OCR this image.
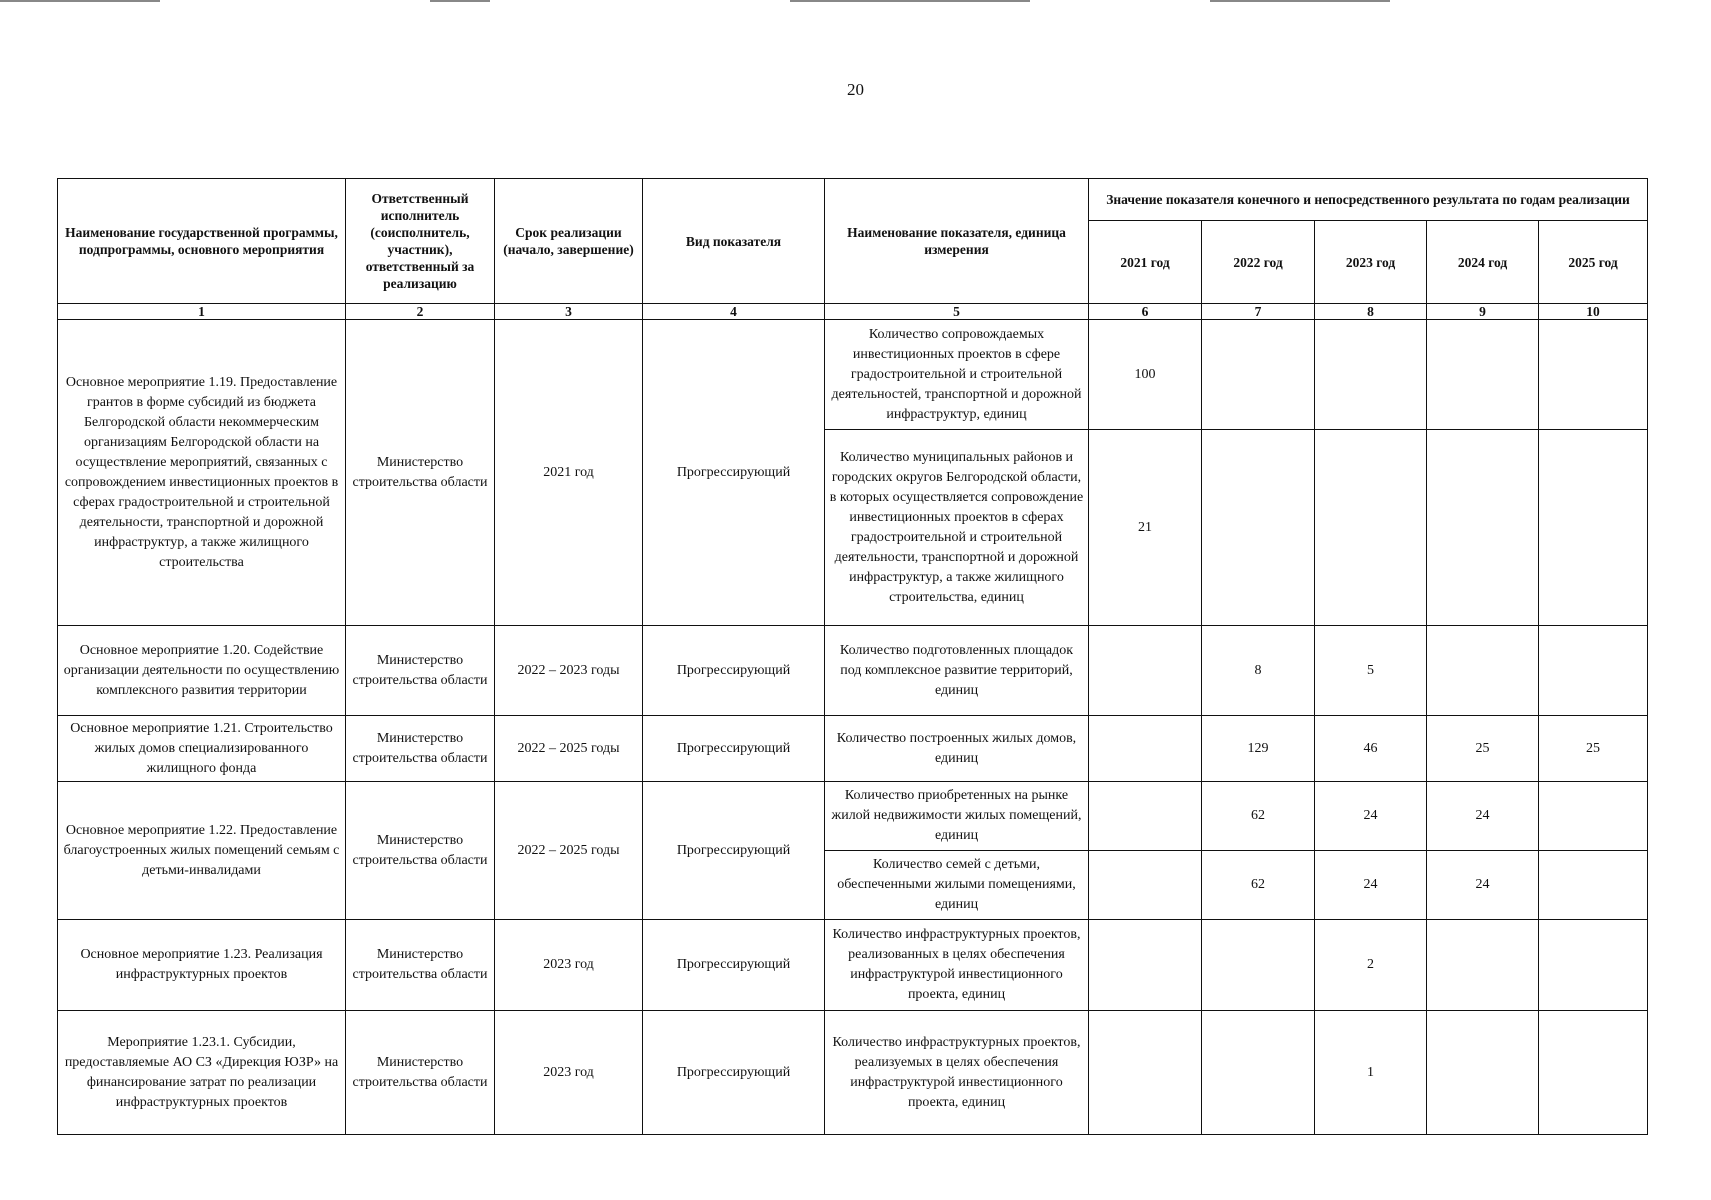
20
Наименование государственной программы, подпрограммы, основного мероприятия	Ответственный исполнитель (соисполнитель, участник), ответственный за реализацию	Срок реализации (начало, завершение)	Вид показателя	Наименование показателя, единица измерения	Значение показателя конечного и непосредственного результата по годам реализации				
					2021 год	2022 год	2023 год	2024 год	2025 год
1	2	3	4	5	6	7	8	9	10
Основное мероприятие 1.19. Предоставление грантов в форме субсидий из бюджета Белгородской области некоммерческим организациям Белгородской области на осуществление мероприятий, связанных с сопровождением инвестиционных проектов в сферах градостроительной и строительной деятельности, транспортной и дорожной инфраструктур, а также жилищного строительства	Министерство строительства области	2021 год	Прогрессирующий	Количество сопровождаемых инвестиционных проектов в сфере градостроительной и строительной деятельностей, транспортной и дорожной инфраструктур, единиц	100				
				Количество муниципальных районов и городских округов Белгородской области, в которых осуществляется сопровождение инвестиционных проектов в сферах градостроительной и строительной деятельности, транспортной и дорожной инфраструктур, а также жилищного строительства, единиц	21				
Основное мероприятие 1.20. Содействие организации деятельности по осуществлению комплексного развития территории	Министерство строительства области	2022 – 2023 годы	Прогрессирующий	Количество подготовленных площадок под комплексное развитие территорий, единиц		8	5		
Основное мероприятие 1.21. Строительство жилых домов специализированного жилищного фонда	Министерство строительства области	2022 – 2025 годы	Прогрессирующий	Количество построенных жилых домов, единиц		129	46	25	25
Основное мероприятие 1.22. Предоставление благоустроенных жилых помещений семьям с детьми-инвалидами	Министерство строительства области	2022 – 2025 годы	Прогрессирующий	Количество приобретенных на рынке жилой недвижимости жилых помещений, единиц		62	24	24	
				Количество семей с детьми, обеспеченными жилыми помещениями, единиц		62	24	24	
Основное мероприятие 1.23. Реализация инфраструктурных проектов	Министерство строительства области	2023 год	Прогрессирующий	Количество инфраструктурных проектов, реализованных в целях обеспечения инфраструктурой инвестиционного проекта, единиц			2		
Мероприятие 1.23.1. Субсидии, предоставляемые АО СЗ «Дирекция ЮЗР» на финансирование затрат по реализации инфраструктурных проектов	Министерство строительства области	2023 год	Прогрессирующий	Количество инфраструктурных проектов, реализуемых в целях обеспечения инфраструктурой инвестиционного проекта, единиц			1		
